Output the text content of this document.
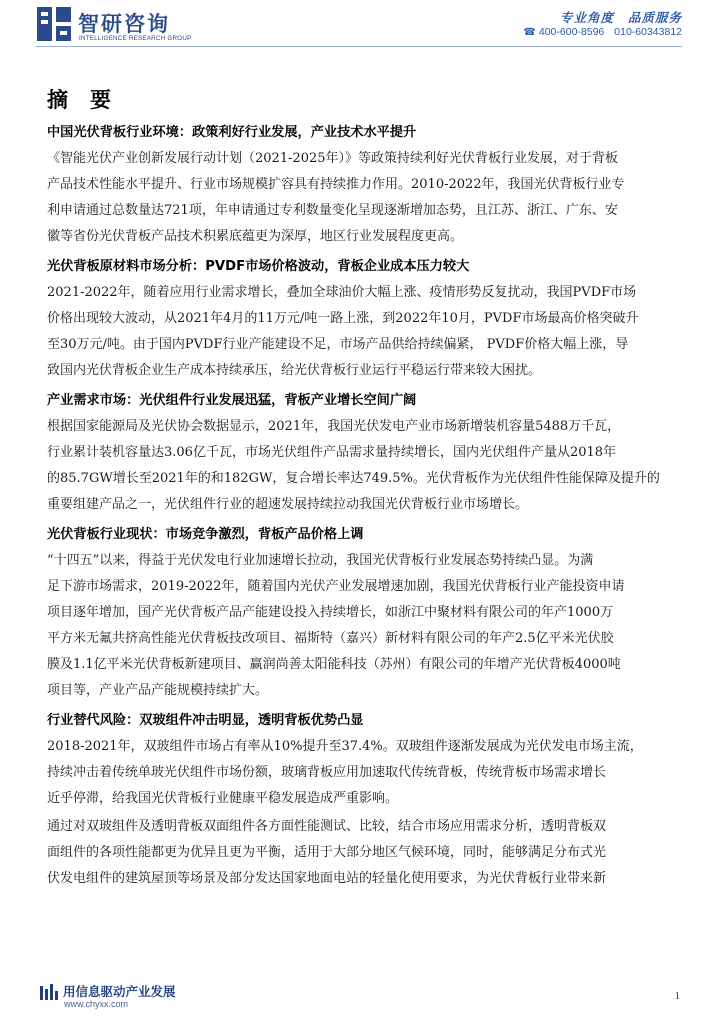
智研咨询
INTELLIGENCE RESEARCH GROUP
专业角度 品质服务
☎ 400-600-8596 010-60343812
摘要
中国光伏背板行业环境：政策利好行业发展，产业技术水平提升

《智能光伏产业创新发展行动计划（2021-2025年）》等政策持续利好光伏背板行业发展，对于背板
产品技术性能水平提升、行业市场规模扩容具有持续推力作用。2010-2022年，我国光伏背板行业专
利申请通过总数量达721项，年申请通过专利数量变化呈现逐渐增加态势，且江苏、浙江、广东、安
徽等省份光伏背板产品技术积累底蕴更为深厚，地区行业发展程度更高。

光伏背板原材料市场分析：PVDF市场价格波动，背板企业成本压力较大

2021-2022年，随着应用行业需求增长，叠加全球油价大幅上涨、疫情形势反复扰动，我国PVDF市场
价格出现较大波动，从2021年4月的11万元/吨一路上涨，到2022年10月，PVDF市场最高价格突破升
至30万元/吨。由于国内PVDF行业产能建设不足，市场产品供给持续偏紧， PVDF价格大幅上涨，导
致国内光伏背板企业生产成本持续承压，给光伏背板行业运行平稳运行带来较大困扰。

产业需求市场：光伏组件行业发展迅猛，背板产业增长空间广阔

根据国家能源局及光伏协会数据显示，2021年，我国光伏发电产业市场新增装机容量5488万千瓦，
行业累计装机容量达3.06亿千瓦，市场光伏组件产品需求量持续增长，国内光伏组件产量从2018年
的85.7GW增长至2021年的和182GW，复合增长率达749.5%。光伏背板作为光伏组件性能保障及提升的
重要组建产品之一，光伏组件行业的超速发展持续拉动我国光伏背板行业市场增长。

光伏背板行业现状：市场竞争激烈，背板产品价格上调

“十四五”以来，得益于光伏发电行业加速增长拉动，我国光伏背板行业发展态势持续凸显。为满
足下游市场需求，2019-2022年，随着国内光伏产业发展增速加剧，我国光伏背板行业产能投资申请
项目逐年增加，国产光伏背板产品产能建设投入持续增长，如浙江中聚材料有限公司的年产1000万
平方米无氟共挤高性能光伏背板技改项目、福斯特（嘉兴）新材料有限公司的年产2.5亿平米光伏胶
膜及1.1亿平米光伏背板新建项目、赢润尚善太阳能科技（苏州）有限公司的年增产光伏背板4000吨
项目等，产业产品产能规模持续扩大。

行业替代风险：双玻组件冲击明显，透明背板优势凸显

2018-2021年，双玻组件市场占有率从10%提升至37.4%。双玻组件逐渐发展成为光伏发电市场主流，
持续冲击着传统单玻光伏组件市场份额，玻璃背板应用加速取代传统背板，传统背板市场需求增长
近乎停滞，给我国光伏背板行业健康平稳发展造成严重影响。

通过对双玻组件及透明背板双面组件各方面性能测试、比较，结合市场应用需求分析，透明背板双
面组件的各项性能都更为优异且更为平衡，适用于大部分地区气候环境，同时，能够满足分布式光
伏发电组件的建筑屋顶等场景及部分发达国家地面电站的轻量化使用要求，为光伏背板行业带来新

用信息驱动产业发展
www.chyxx.com
1
